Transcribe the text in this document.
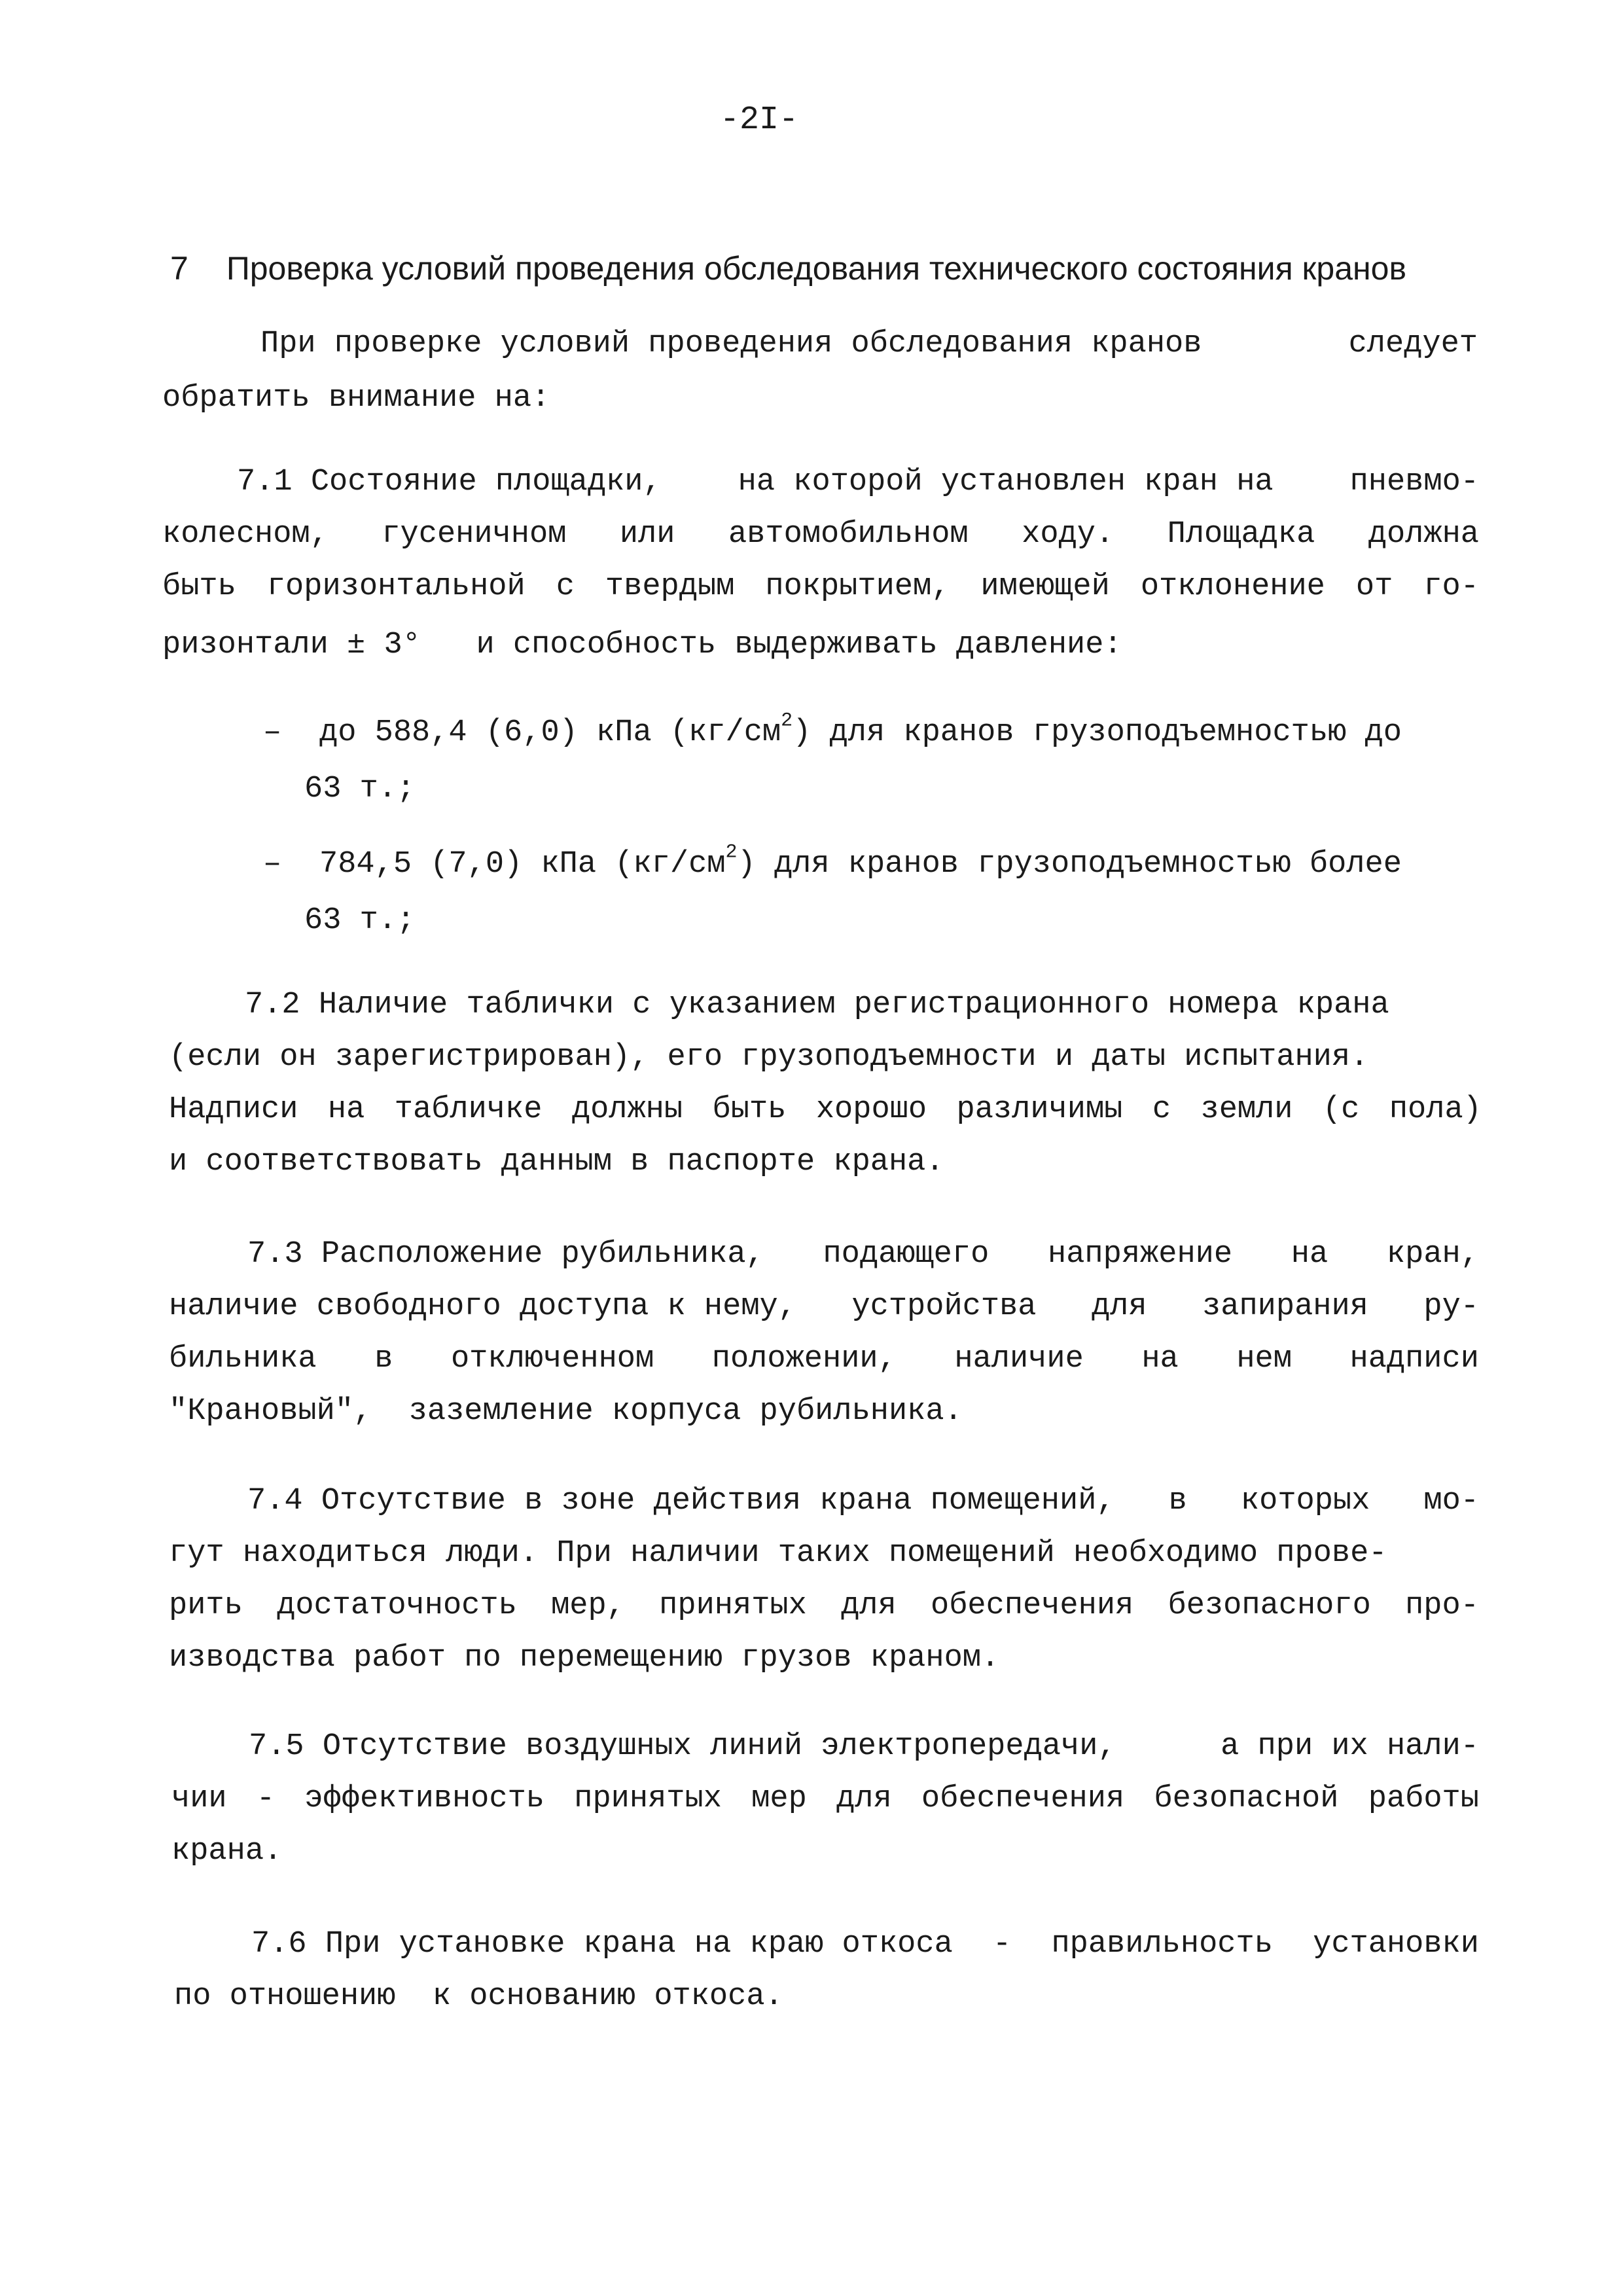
-2I-
7 Проверка условий проведения обследования технического состояния кранов
При проверке условий проведения обследования кранов	следует
обратить внимание на:
7.1 Состояние площадки, на которой установлен кран на пневмо-
колесном, гусеничном или автомобильном ходу. Площадка должна
быть горизонтальной с твердым покрытием, имеющей отклонение от го-
ризонтали ± 3°   и способность выдерживать давление:
– до 588,4 (6,0) кПа $(кг/см^2)$ для кранов грузоподъемностью до
63 т.;
– 784,5 (7,0) кПа $(кг/см^2)$ для кранов грузоподъемностью более
63 т.;
7.2 Наличие таблички с указанием регистрационного номера крана
(если он зарегистрирован), его грузоподъемности и даты испытания.
Надписи на табличке должны быть хорошо различимы с земли (с пола)
и соответствовать данным в паспорте крана.
7.3 Расположение рубильника, подающего напряжение на кран,
наличие свободного доступа к нему, устройства для запирания ру-
бильника в отключенном положении, наличие на нем надписи
"Крановый",  заземление корпуса рубильника.
7.4 Отсутствие в зоне действия крана помещений, в которых мо-
гут находиться люди. При наличии таких помещений необходимо прове-
рить достаточность мер, принятых для обеспечения безопасного про-
изводства работ по перемещению грузов краном.
7.5 Отсутствие воздушных линий электропередачи,	а при их нали-
чии - эффективность принятых мер для обеспечения безопасной работы
крана.
7.6 При установке крана на краю откоса - правильность установки
по отношению  к основанию откоса.
